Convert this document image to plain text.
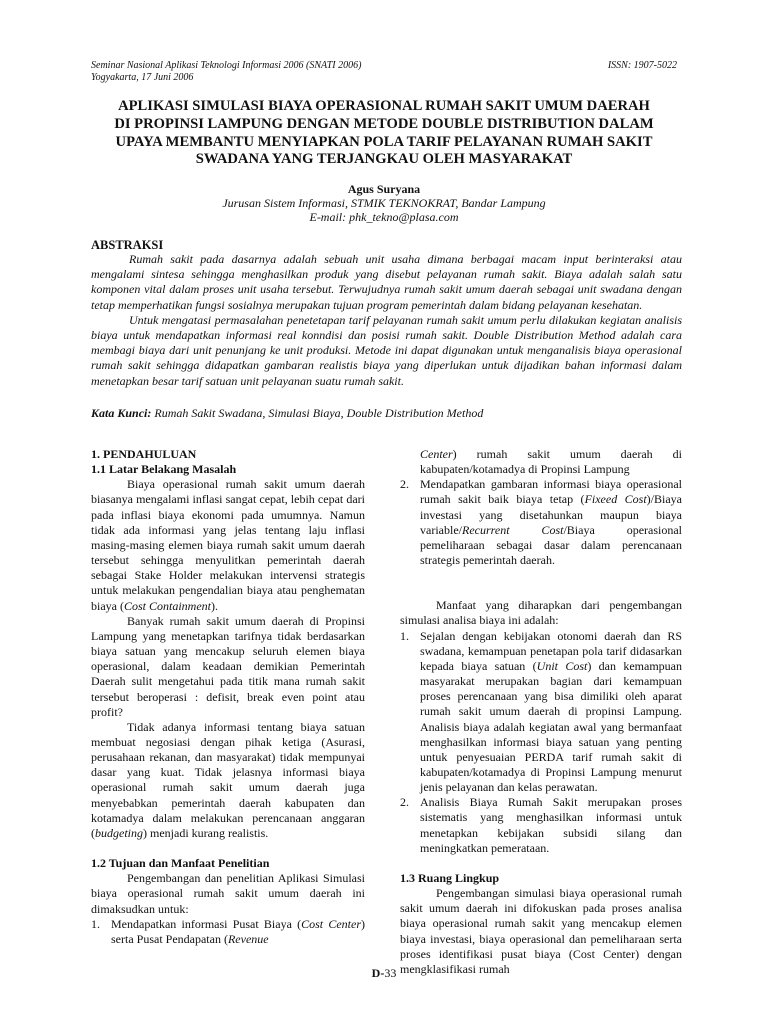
Seminar Nasional Aplikasi Teknologi Informasi 2006 (SNATI 2006)
Yogyakarta, 17 Juni 2006
ISSN: 1907-5022
APLIKASI SIMULASI BIAYA OPERASIONAL RUMAH SAKIT UMUM DAERAH
DI PROPINSI LAMPUNG DENGAN METODE DOUBLE DISTRIBUTION DALAM
UPAYA MEMBANTU MENYIAPKAN POLA TARIF PELAYANAN RUMAH SAKIT
SWADANA YANG TERJANGKAU OLEH MASYARAKAT
Agus Suryana
Jurusan Sistem Informasi, STMIK TEKNOKRAT, Bandar Lampung
E-mail: phk_tekno@plasa.com
ABSTRAKSI

Rumah sakit pada dasarnya adalah sebuah unit usaha dimana berbagai macam input berinteraksi atau mengalami sintesa sehingga menghasilkan produk yang disebut pelayanan rumah sakit. Biaya adalah salah satu komponen vital dalam proses unit usaha tersebut. Terwujudnya rumah sakit umum daerah sebagai unit swadana dengan tetap memperhatikan fungsi sosialnya merupakan tujuan program pemerintah dalam bidang pelayanan kesehatan.

Untuk mengatasi permasalahan penetetapan tarif pelayanan rumah sakit umum perlu dilakukan kegiatan analisis biaya untuk mendapatkan informasi real konndisi dan posisi rumah sakit. Double Distribution Method adalah cara membagi biaya dari unit penunjang ke unit produksi. Metode ini dapat digunakan untuk menganalisis biaya operasional rumah sakit sehingga didapatkan gambaran realistis biaya yang diperlukan untuk dijadikan bahan informasi dalam menetapkan besar tarif satuan unit pelayanan suatu rumah sakit.

Kata Kunci: Rumah Sakit Swadana, Simulasi Biaya, Double Distribution Method
1. PENDAHULUAN
1.1 Latar Belakang Masalah

Biaya operasional rumah sakit umum daerah biasanya mengalami inflasi sangat cepat, lebih cepat dari pada inflasi biaya ekonomi pada umumnya. Namun tidak ada informasi yang jelas tentang laju inflasi masing-masing elemen biaya rumah sakit umum daerah tersebut sehingga menyulitkan pemerintah daerah sebagai Stake Holder melakukan intervensi strategis untuk melakukan pengendalian biaya atau penghematan biaya (Cost Containment).

Banyak rumah sakit umum daerah di Propinsi Lampung yang menetapkan tarifnya tidak berdasarkan biaya satuan yang mencakup seluruh elemen biaya operasional, dalam keadaan demikian Pemerintah Daerah sulit mengetahui pada titik mana rumah sakit tersebut beroperasi : defisit, break even point atau profit?

Tidak adanya informasi tentang biaya satuan membuat negosiasi dengan pihak ketiga (Asurasi, perusahaan rekanan, dan masyarakat) tidak mempunyai dasar yang kuat. Tidak jelasnya informasi biaya operasional rumah sakit umum daerah juga menyebabkan pemerintah daerah kabupaten dan kotamadya dalam melakukan perencanaan anggaran (budgeting) menjadi kurang realistis.

1.2 Tujuan dan Manfaat Penelitian

Pengembangan dan penelitian Aplikasi Simulasi biaya operasional rumah sakit umum daerah ini dimaksudkan untuk:

1. Mendapatkan informasi Pusat Biaya (Cost Center) serta Pusat Pendapatan (Revenue
Center) rumah sakit umum daerah di kabupaten/kotamadya di Propinsi Lampung
2. Mendapatkan gambaran informasi biaya operasional rumah sakit baik biaya tetap (Fixeed Cost)/Biaya investasi yang disetahunkan maupun biaya variable/Recurrent Cost/Biaya operasional pemeliharaan sebagai dasar dalam perencanaan strategis pemerintah daerah.

Manfaat yang diharapkan dari pengembangan simulasi analisa biaya ini adalah:

1. Sejalan dengan kebijakan otonomi daerah dan RS swadana, kemampuan penetapan pola tarif didasarkan kepada biaya satuan (Unit Cost) dan kemampuan masyarakat merupakan bagian dari kemampuan proses perencanaan yang bisa dimiliki oleh aparat rumah sakit umum daerah di propinsi Lampung. Analisis biaya adalah kegiatan awal yang bermanfaat menghasilkan informasi biaya satuan yang penting untuk penyesuaian PERDA tarif rumah sakit di kabupaten/kotamadya di Propinsi Lampung menurut jenis pelayanan dan kelas perawatan.
2. Analisis Biaya Rumah Sakit merupakan proses sistematis yang menghasilkan informasi untuk menetapkan kebijakan subsidi silang dan meningkatkan pemerataan.
1.3 Ruang Lingkup

Pengembangan simulasi biaya operasional rumah sakit umum daerah ini difokuskan pada proses analisa biaya operasional rumah sakit yang mencakup elemen biaya investasi, biaya operasional dan pemeliharaan serta proses identifikasi pusat biaya (Cost Center) dengan mengklasifikasi rumah

D-33
